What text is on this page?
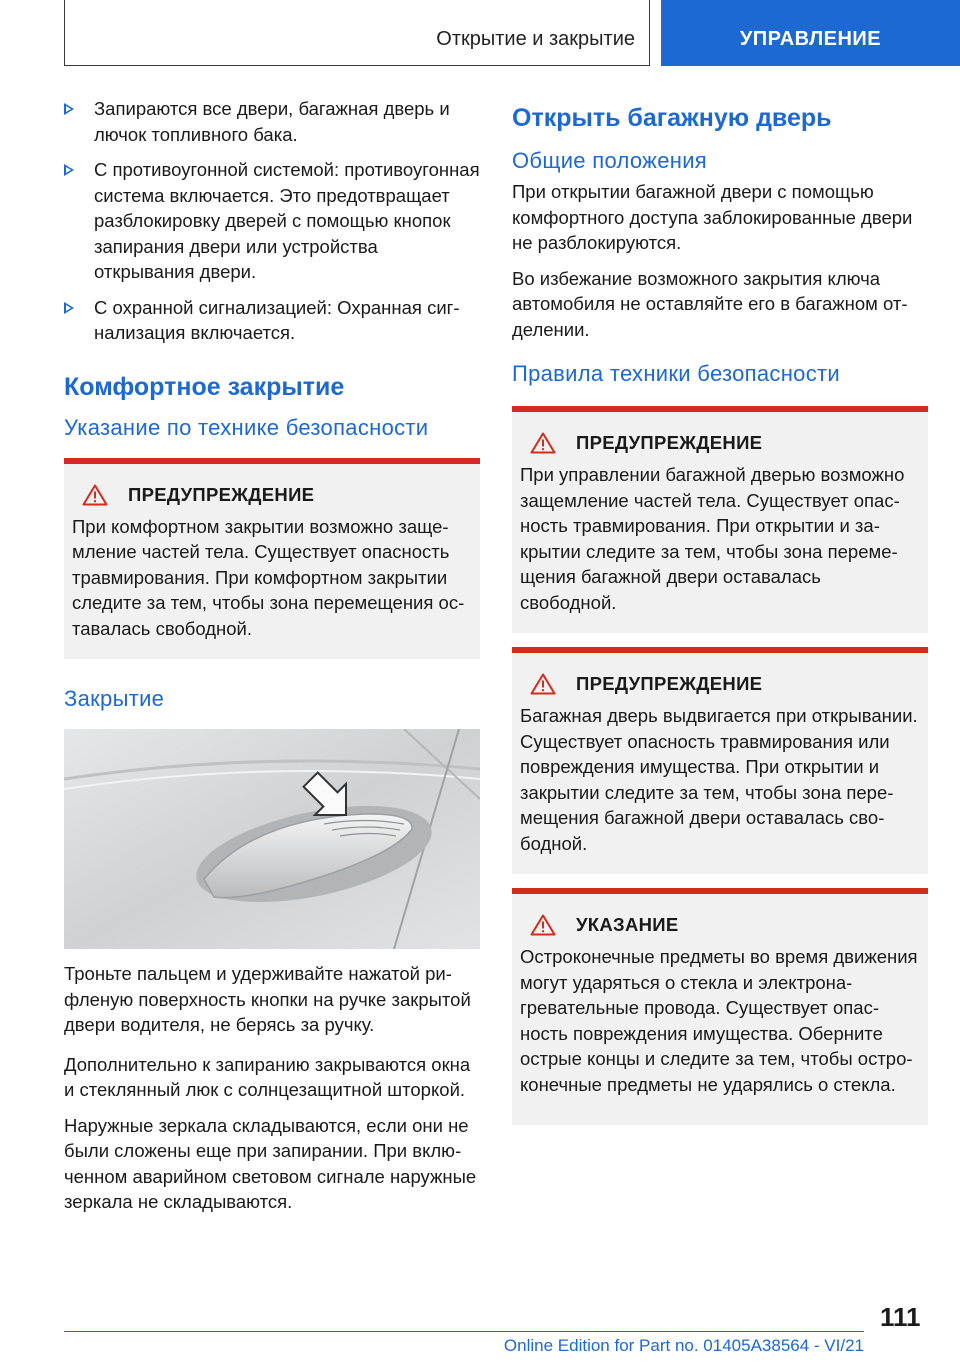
Открытие и закрытие	УПРАВЛЕНИЕ
Запираются все двери, багажная дверь и лючок топливного бака.
С противоугонной системой: противоугонная система включается. Это предотвращает разблокировку дверей с помощью кнопок запирания двери или устройства открывания двери.
С охранной сигнализацией: Охранная сигнализация включается.
Комфортное закрытие
Указание по технике безопасности
ПРЕДУПРЕЖДЕНИЕ

При комфортном закрытии возможно защемление частей тела. Существует опасность травмирования. При комфортном закрытии следите за тем, чтобы зона перемещения оставалась свободной.

Закрытие

Троньте пальцем и удерживайте нажатой рифленую поверхность кнопки на ручке закрытой двери водителя, не берясь за ручку.

Дополнительно к запиранию закрываются окна и стеклянный люк с солнцезащитной шторкой.

Наружные зеркала складываются, если они не были сложены еще при запирании. При включенном аварийном световом сигнале наружные зеркала не складываются.

Открыть багажную дверь
Общие положения

При открытии багажной двери с помощью комфортного доступа заблокированные двери не разблокируются.

Во избежание возможного закрытия ключа автомобиля не оставляйте его в багажном отделении.

Правила техники безопасности
ПРЕДУПРЕЖДЕНИЕ

При управлении багажной дверью возможно защемление частей тела. Существует опасность травмирования. При открытии и закрытии следите за тем, чтобы зона перемещения багажной двери оставалась свободной.

ПРЕДУПРЕЖДЕНИЕ

Багажная дверь выдвигается при открывании. Существует опасность травмирования или повреждения имущества. При открытии и закрытии следите за тем, чтобы зона перемещения багажной двери оставалась свободной.

УКАЗАНИЕ

Остроконечные предметы во время движения могут ударяться о стекла и электронагревательные провода. Существует опасность повреждения имущества. Оберните острые концы и следите за тем, чтобы остроконечные предметы не ударялись о стекла.

111
Online Edition for Part no. 01405A38564 - VI/21
